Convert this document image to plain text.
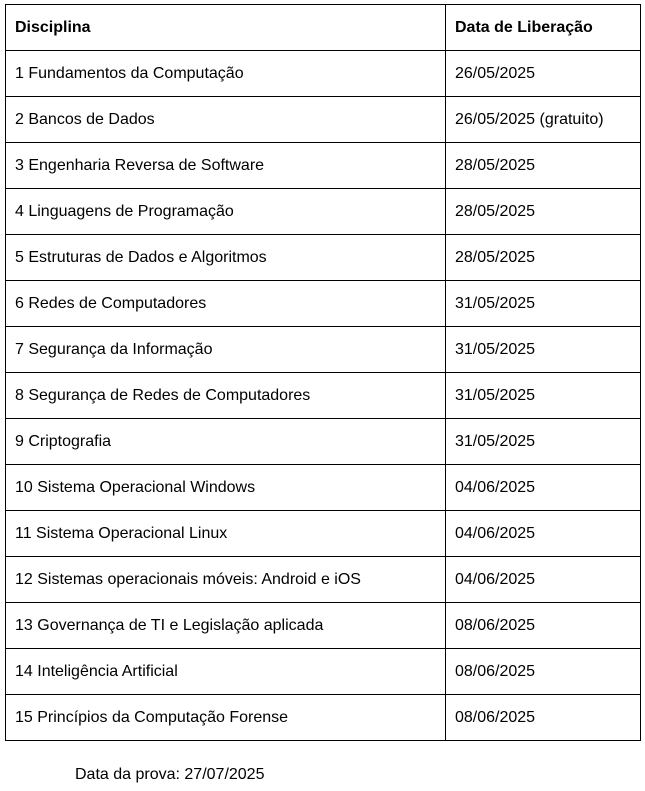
Disciplina	Data de Liberação
1 Fundamentos da Computação	26/05/2025
2 Bancos de Dados	26/05/2025 (gratuito)
3 Engenharia Reversa de Software	28/05/2025
4 Linguagens de Programação	28/05/2025
5 Estruturas de Dados e Algoritmos	28/05/2025
6 Redes de Computadores	31/05/2025
7 Segurança da Informação	31/05/2025
8 Segurança de Redes de Computadores	31/05/2025
9 Criptografia	31/05/2025
10 Sistema Operacional Windows	04/06/2025
11 Sistema Operacional Linux	04/06/2025
12 Sistemas operacionais móveis: Android e iOS	04/06/2025
13 Governança de TI e Legislação aplicada	08/06/2025
14 Inteligência Artificial	08/06/2025
15 Princípios da Computação Forense	08/06/2025
Data da prova: 27/07/2025
